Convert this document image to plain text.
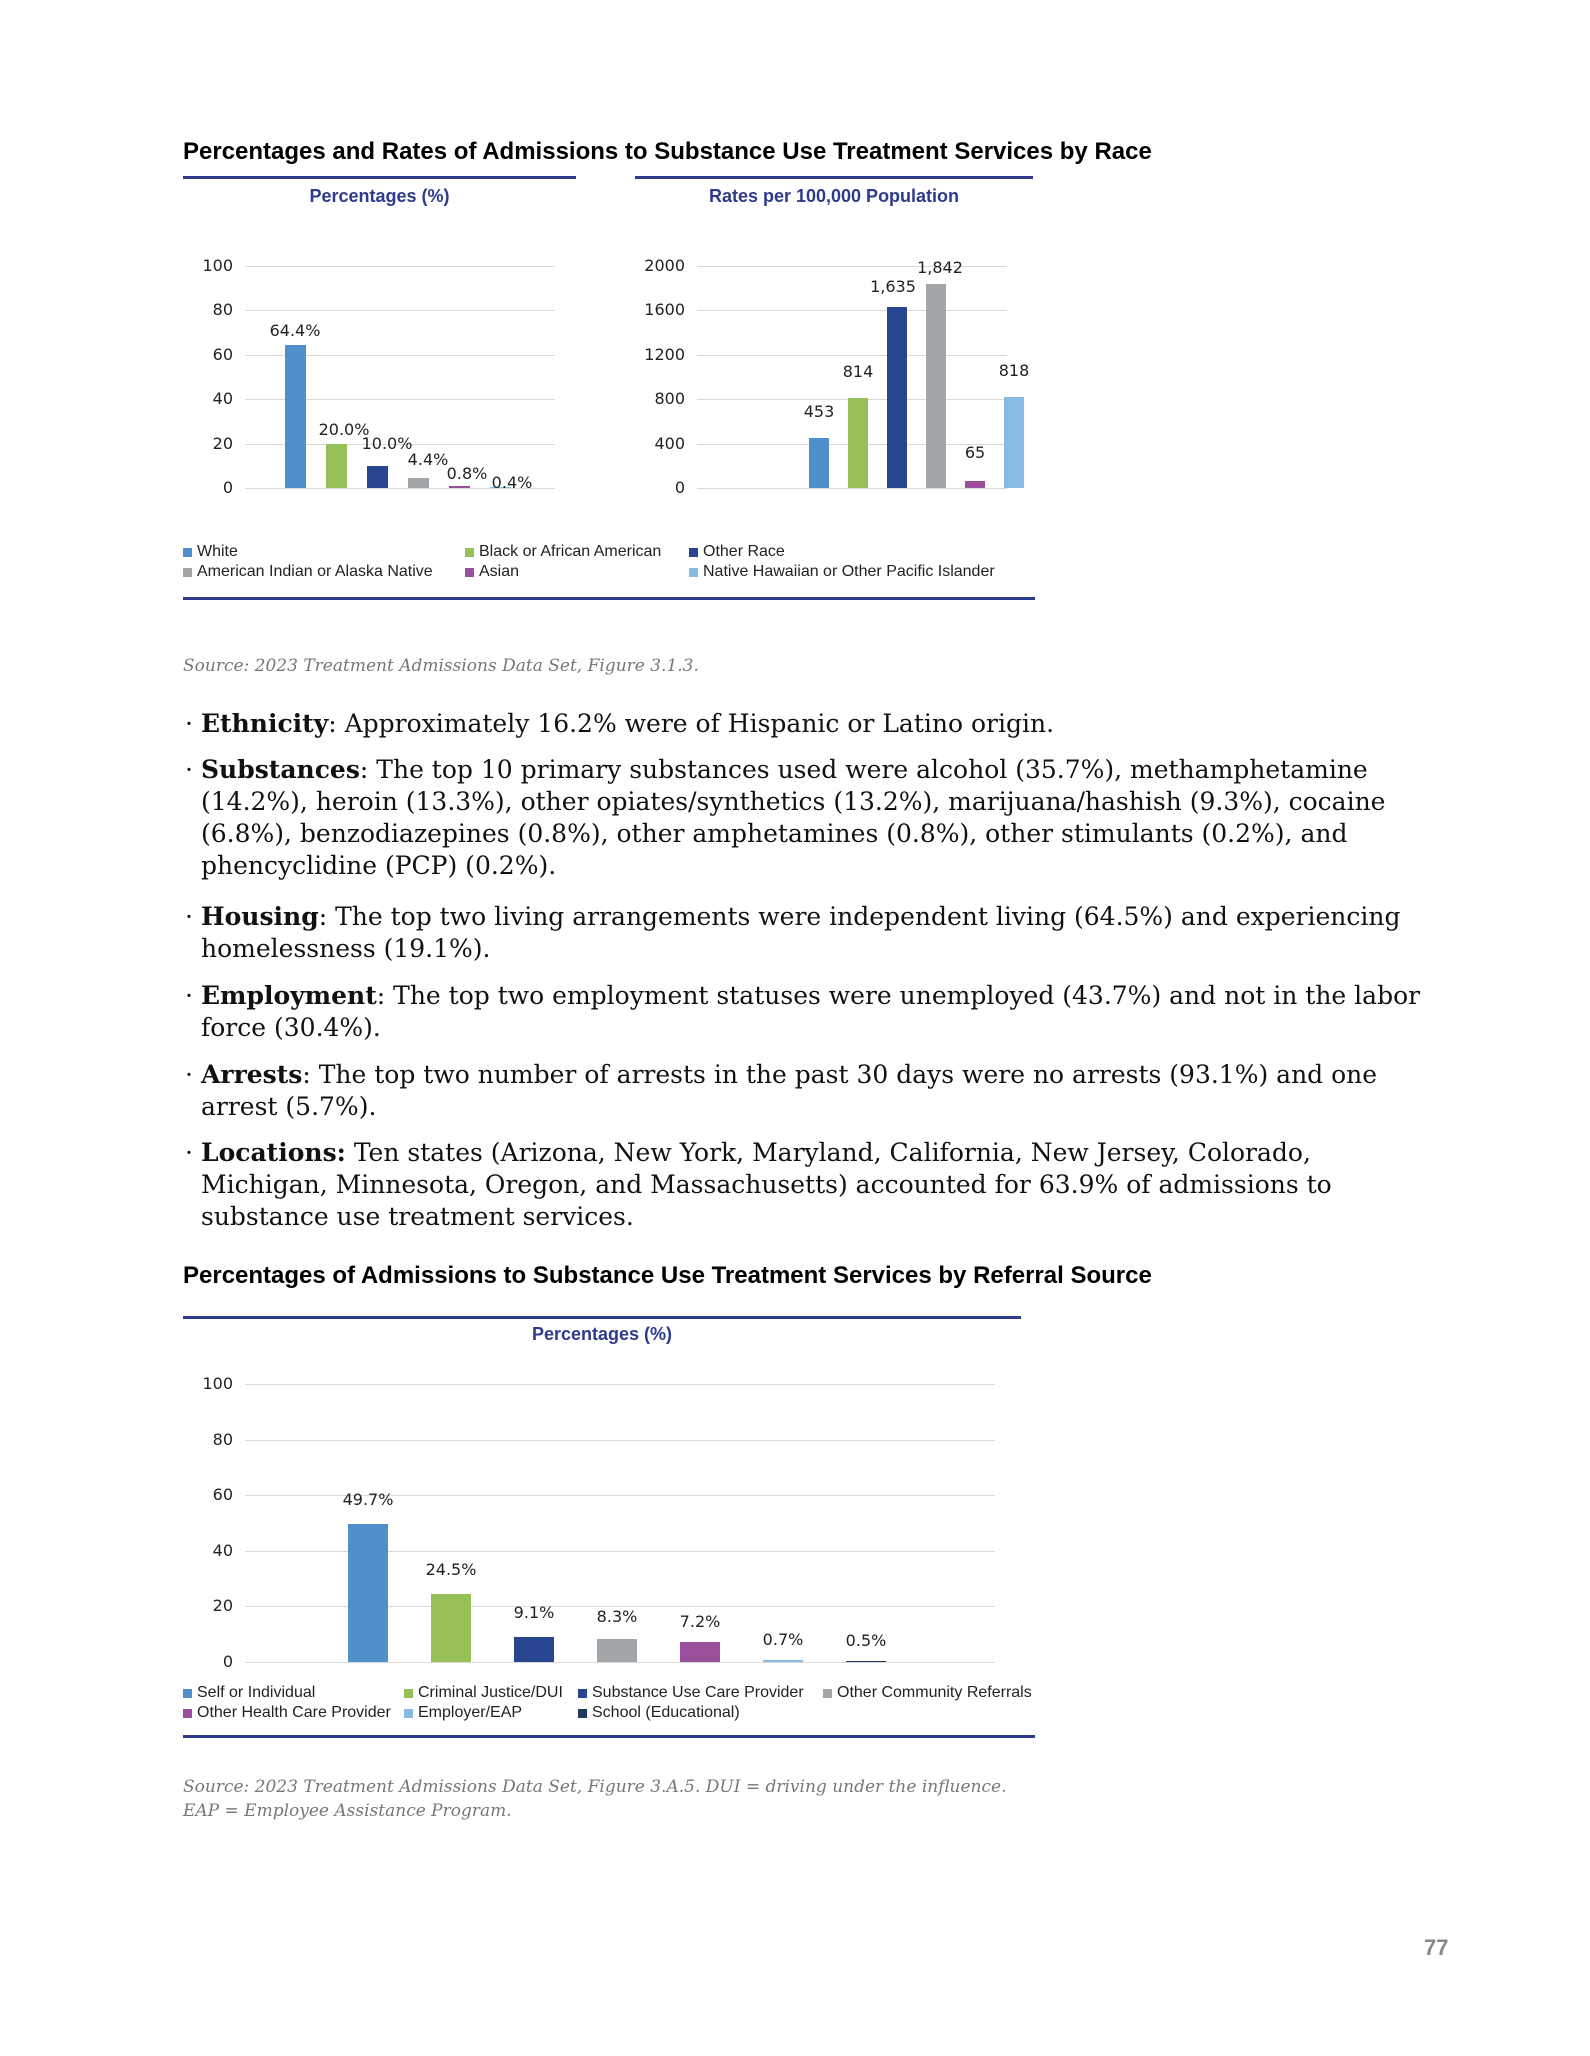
Percentages and Rates of Admissions to Substance Use Treatment Services by Race
Percentages (%)	Rates per 100,000 Population
0
20
40
60
80
100
64.4%
20.0%
10.0%
4.4%
0.8% 0.4%	0
400
800
1200
1600
2000
453
814
1,635
1,842
65
818
White	Black or African American	Other Race
American Indian or Alaska Native	Asian	Native Hawaiian or Other Pacific Islander
Source: 2023 Treatment Admissions Data Set, Figure 3.1.3.
· Ethnicity: Approximately 16.2% were of Hispanic or Latino origin.
· Substances: The top 10 primary substances used were alcohol (35.7%), methamphetamine (14.2%), heroin (13.3%), other opiates/synthetics (13.2%), marijuana/hashish (9.3%), cocaine (6.8%), benzodiazepines (0.8%), other amphetamines (0.8%), other stimulants (0.2%), and phencyclidine (PCP) (0.2%).
· Housing: The top two living arrangements were independent living (64.5%) and experiencing homelessness (19.1%).
· Employment: The top two employment statuses were unemployed (43.7%) and not in the labor force (30.4%).
· Arrests: The top two number of arrests in the past 30 days were no arrests (93.1%) and one arrest (5.7%).
· Locations: Ten states (Arizona, New York, Maryland, California, New Jersey, Colorado, Michigan, Minnesota, Oregon, and Massachusetts) accounted for 63.9% of admissions to substance use treatment services.
Percentages of Admissions to Substance Use Treatment Services by Referral Source
Percentages (%)
0
20
40
60
80
100
49.7%
24.5%
9.1%	8.3%	7.2%
0.7%	0.5%
Self or Individual	Criminal Justice/DUI Substance Use Care Provider Other Community Referrals
Other Health Care Provider Employer/EAP	School (Educational)
Source: 2023 Treatment Admissions Data Set, Figure 3.A.5. DUI = driving under the influence.
EAP = Employee Assistance Program.
77
